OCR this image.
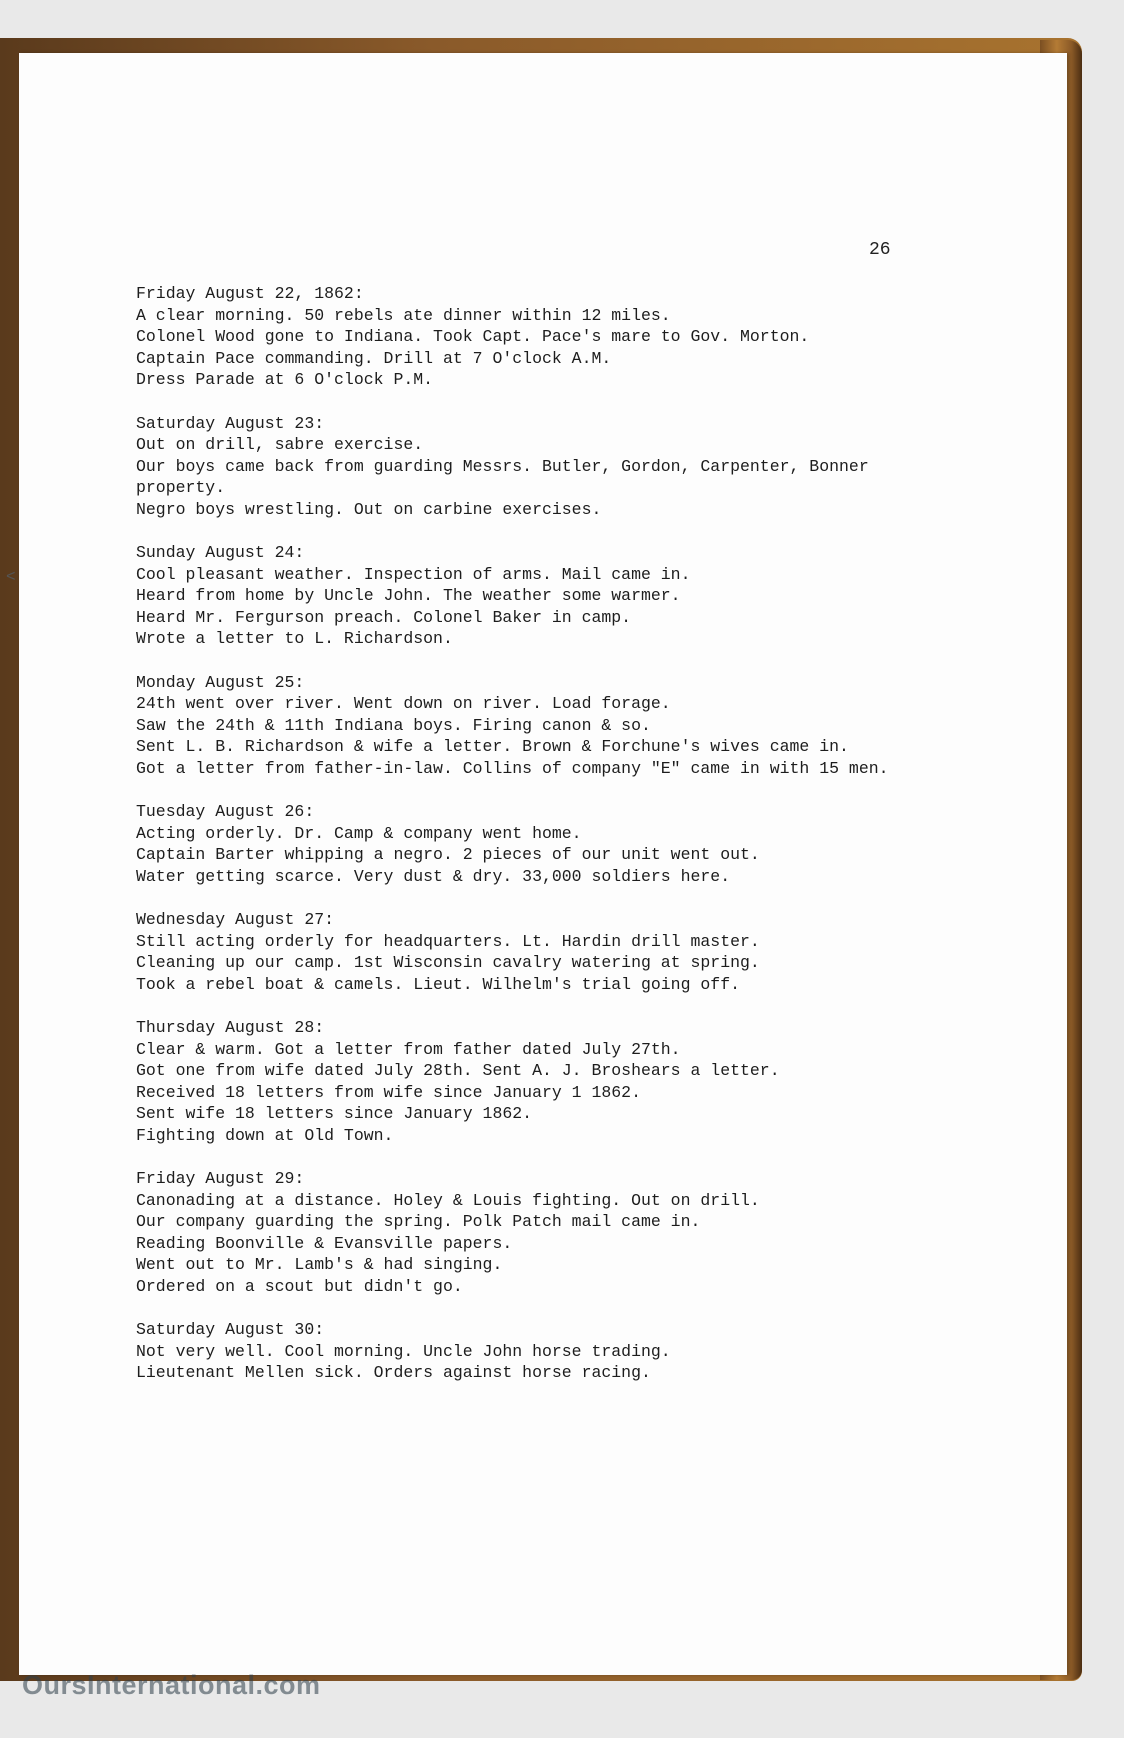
<
26
Friday August 22, 1862:
A clear morning. 50 rebels ate dinner within 12 miles.
Colonel Wood gone to Indiana. Took Capt. Pace's mare to Gov. Morton.
Captain Pace commanding. Drill at 7 O'clock A.M.
Dress Parade at 6 O'clock P.M.
Saturday August 23:
Out on drill, sabre exercise.
Our boys came back from guarding Messrs. Butler, Gordon, Carpenter, Bonner
property.
Negro boys wrestling. Out on carbine exercises.
Sunday August 24:
Cool pleasant weather. Inspection of arms. Mail came in.
Heard from home by Uncle John. The weather some warmer.
Heard Mr. Fergurson preach. Colonel Baker in camp.
Wrote a letter to L. Richardson.
Monday August 25:
24th went over river. Went down on river. Load forage.
Saw the 24th & 11th Indiana boys. Firing canon & so.
Sent L. B. Richardson & wife a letter. Brown & Forchune's wives came in.
Got a letter from father-in-law. Collins of company "E" came in with 15 men.
Tuesday August 26:
Acting orderly. Dr. Camp & company went home.
Captain Barter whipping a negro. 2 pieces of our unit went out.
Water getting scarce. Very dust & dry. 33,000 soldiers here.
Wednesday August 27:
Still acting orderly for headquarters. Lt. Hardin drill master.
Cleaning up our camp. 1st Wisconsin cavalry watering at spring.
Took a rebel boat & camels. Lieut. Wilhelm's trial going off.
Thursday August 28:
Clear & warm. Got a letter from father dated July 27th.
Got one from wife dated July 28th. Sent A. J. Broshears a letter.
Received 18 letters from wife since January 1 1862.
Sent wife 18 letters since January 1862.
Fighting down at Old Town.
Friday August 29:
Canonading at a distance. Holey & Louis fighting. Out on drill.
Our company guarding the spring. Polk Patch mail came in.
Reading Boonville & Evansville papers.
Went out to Mr. Lamb's & had singing.
Ordered on a scout but didn't go.
Saturday August 30:
Not very well. Cool morning. Uncle John horse trading.
Lieutenant Mellen sick. Orders against horse racing.
OursInternational.com
